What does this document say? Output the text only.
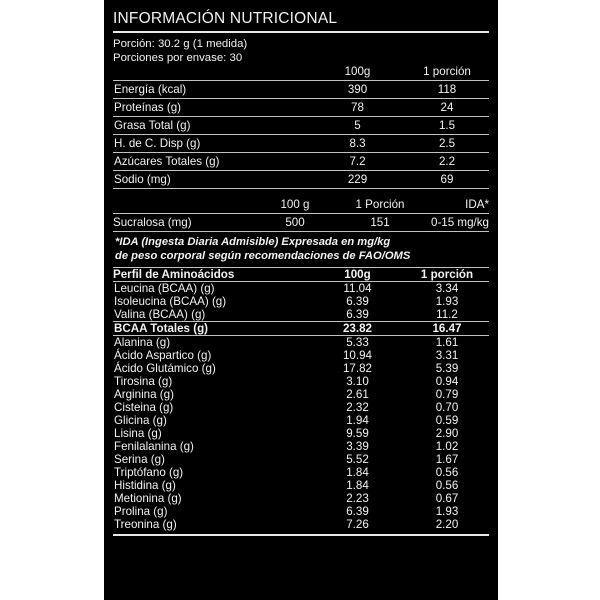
INFORMACIÓN NUTRICIONAL
Porción: 30.2 g (1 medida)
Porciones por envase: 30
	100g	1 porción
Energía (kcal)	390	118
Proteínas (g)	78	24
Grasa Total (g)	5	1.5
H. de C. Disp (g)	8.3	2.5
Azúcares Totales (g)	7.2	2.2
Sodio (mg)	229	69
	100 g	1 Porción	IDA*
Sucralosa (mg)	500	151	0-15 mg/kg
*IDA (Ingesta Diaria Admisible) Expresada en mg/kg
de peso corporal según recomendaciones de FAO/OMS
Perfil de Aminoácidos	100g	1 porción
Leucina (BCAA) (g)	11.04	3.34
Isoleucina (BCAA) (g)	6.39	1.93
Valina (BCAA) (g)	6.39	11.2
BCAA Totales (g)	23.82	16.47
Alanina (g)	5.33	1.61
Ácido Aspartico (g)	10.94	3.31
Ácido Glutámico (g)	17.82	5.39
Tirosina (g)	3.10	0.94
Arginina (g)	2.61	0.79
Cisteina (g)	2.32	0.70
Glicina (g)	1.94	0.59
Lisina (g)	9.59	2.90
Fenilalanina (g)	3.39	1.02
Serina (g)	5.52	1.67
Triptófano (g)	1.84	0.56
Histidina (g)	1.84	0.56
Metionina (g)	2.23	0.67
Prolina (g)	6.39	1.93
Treonina (g)	7.26	2.20
